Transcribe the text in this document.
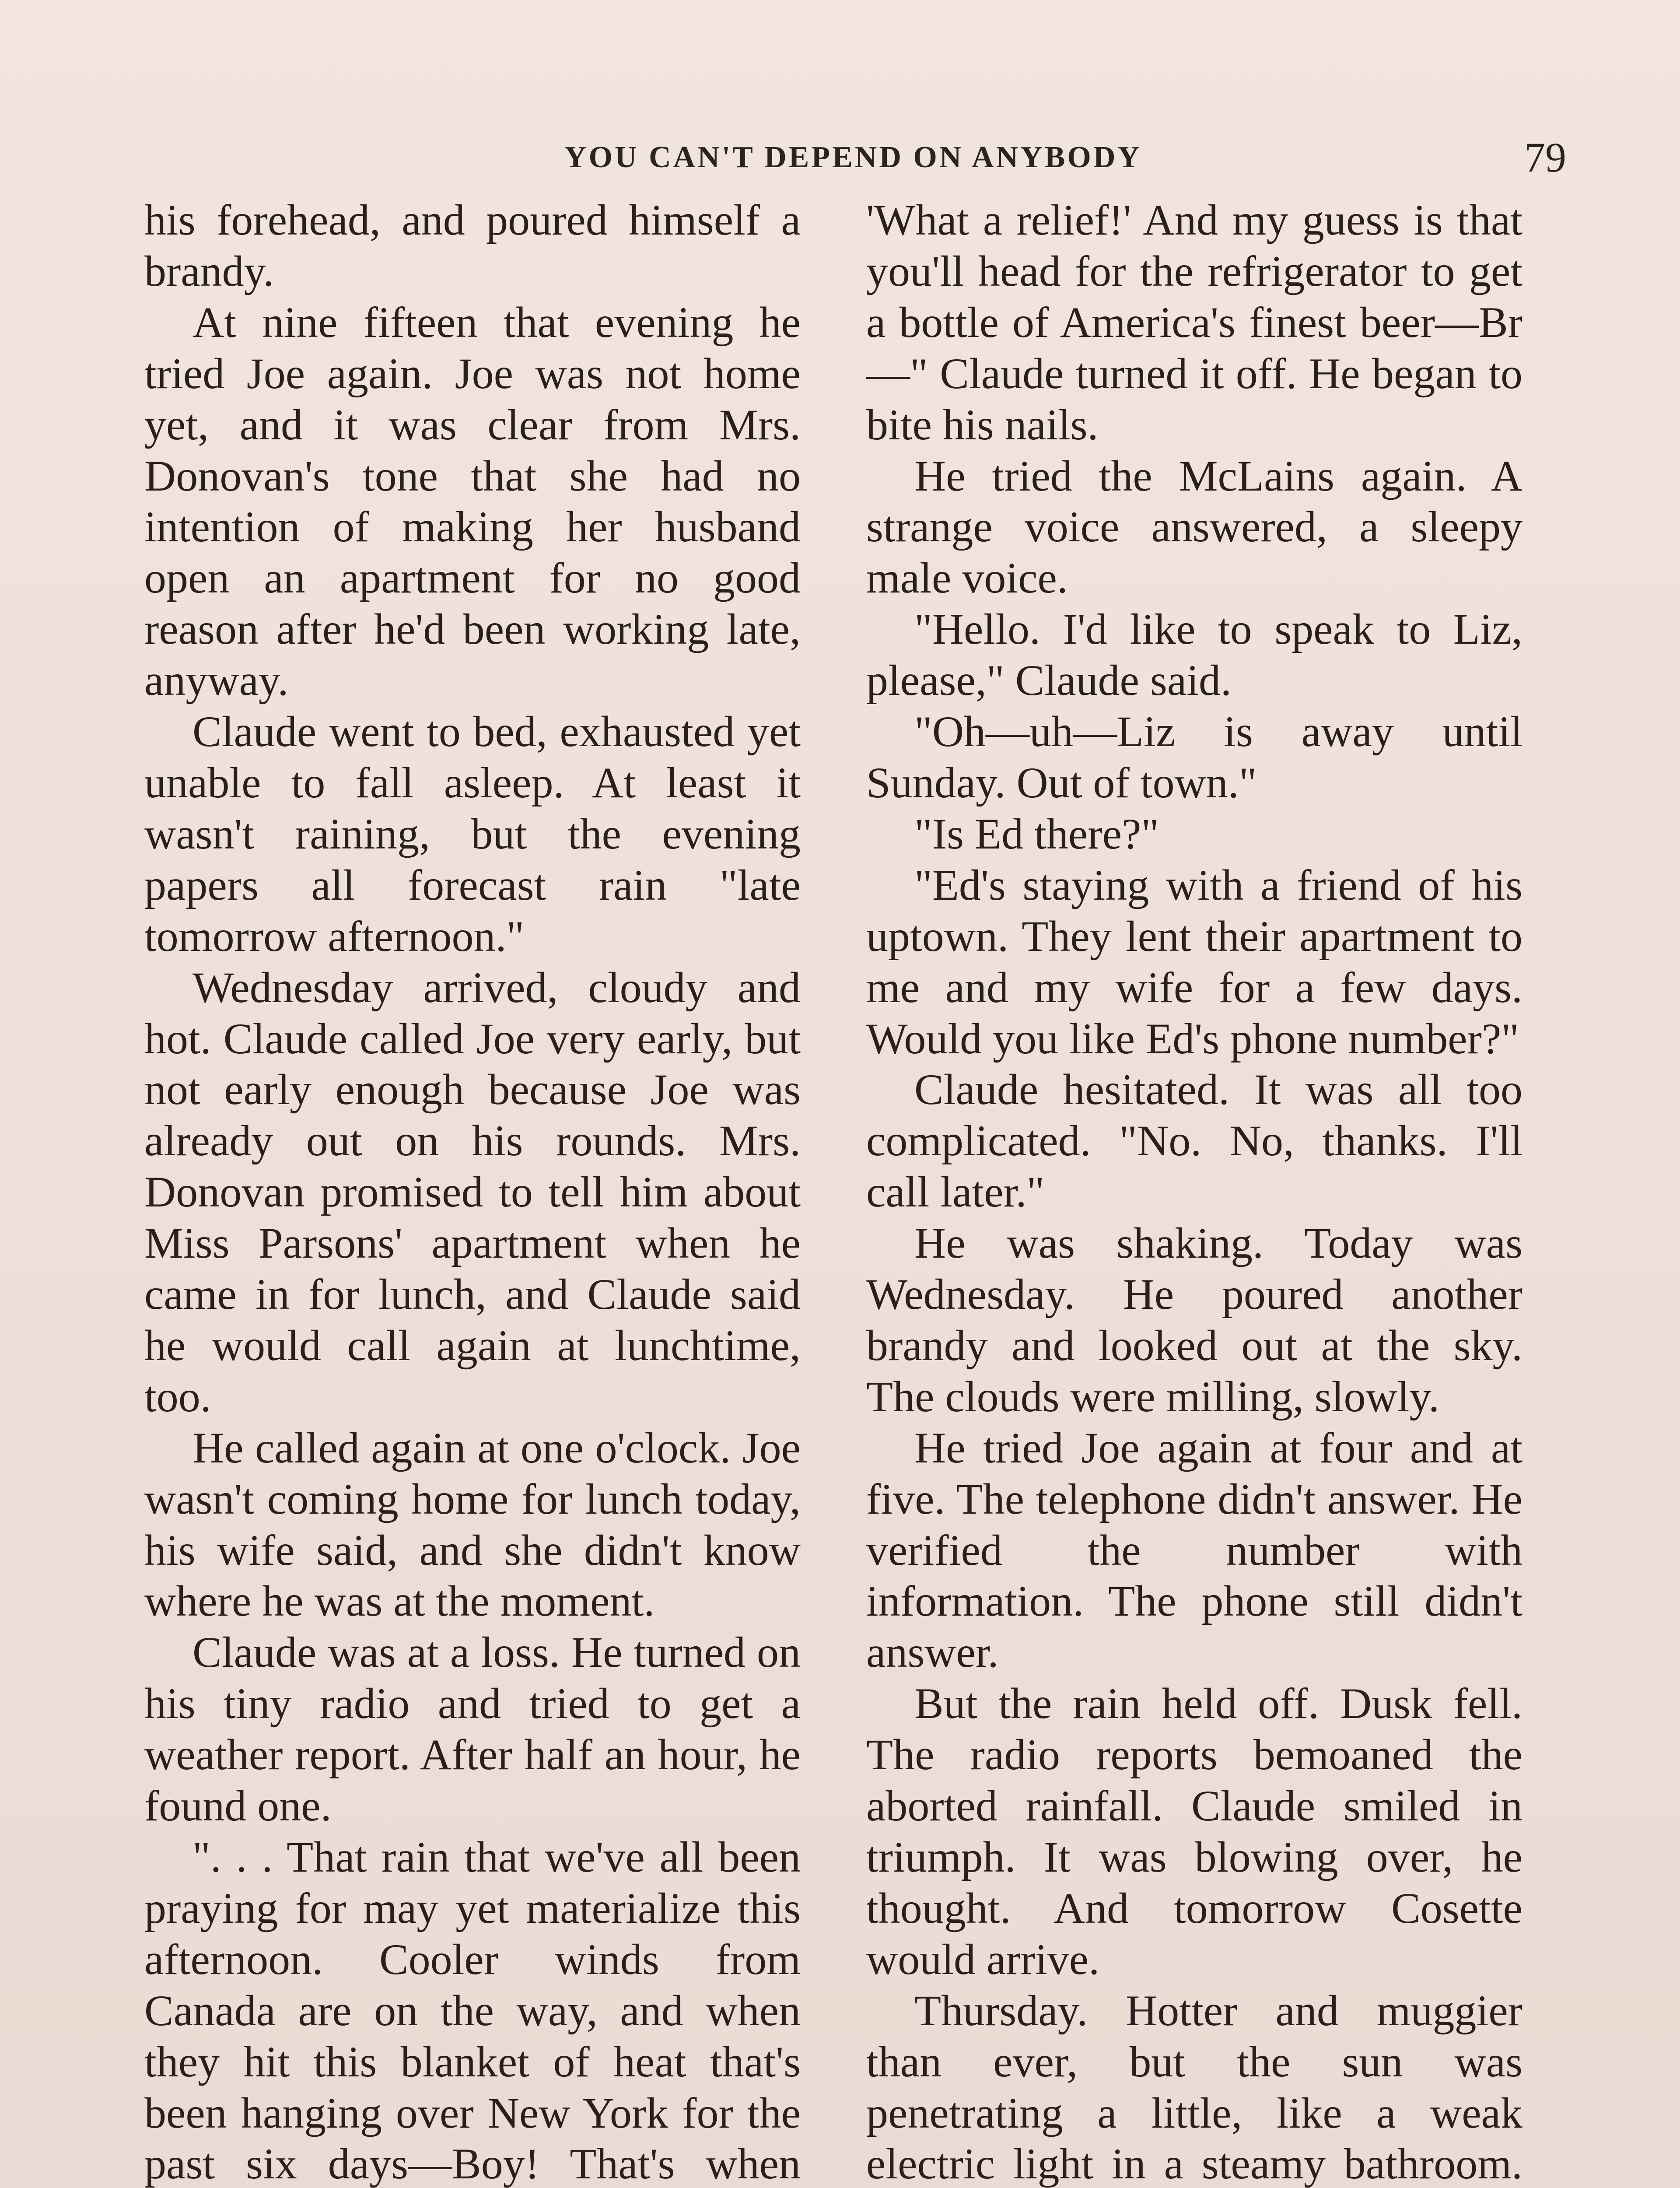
YOU CAN'T DEPEND ON ANYBODY	79

his forehead, and poured himself a brandy.

At nine fifteen that evening he tried Joe again. Joe was not home yet, and it was clear from Mrs. Donovan's tone that she had no intention of making her husband open an apartment for no good reason after he'd been working late, anyway.

Claude went to bed, exhausted yet unable to fall asleep. At least it wasn't raining, but the evening papers all forecast rain "late tomorrow afternoon."

Wednesday arrived, cloudy and hot. Claude called Joe very early, but not early enough because Joe was already out on his rounds. Mrs. Donovan promised to tell him about Miss Parsons' apartment when he came in for lunch, and Claude said he would call again at lunchtime, too.

He called again at one o'clock. Joe wasn't coming home for lunch today, his wife said, and she didn't know where he was at the moment.

Claude was at a loss. He turned on his tiny radio and tried to get a weather report. After half an hour, he found one.

". . . That rain that we've all been praying for may yet materialize this afternoon. Cooler winds from Canada are on the way, and when they hit this blanket of heat that's been hanging over New York for the past six days—Boy! That's when

'What a relief!' And my guess is that you'll head for the refrigerator to get a bottle of America's finest beer—Br—" Claude turned it off. He began to bite his nails.

He tried the McLains again. A strange voice answered, a sleepy male voice.

"Hello. I'd like to speak to Liz, please," Claude said.

"Oh—uh—Liz is away until Sunday. Out of town."

"Is Ed there?"

"Ed's staying with a friend of his uptown. They lent their apartment to me and my wife for a few days. Would you like Ed's phone number?"

Claude hesitated. It was all too complicated. "No. No, thanks. I'll call later."

He was shaking. Today was Wednesday. He poured another brandy and looked out at the sky. The clouds were milling, slowly.

He tried Joe again at four and at five. The telephone didn't answer. He verified the number with information. The phone still didn't answer.

But the rain held off. Dusk fell. The radio reports bemoaned the aborted rainfall. Claude smiled in triumph. It was blowing over, he thought. And tomorrow Cosette would arrive.

Thursday. Hotter and muggier than ever, but the sun was penetrating a little, like a weak electric light in a steamy bathroom.
